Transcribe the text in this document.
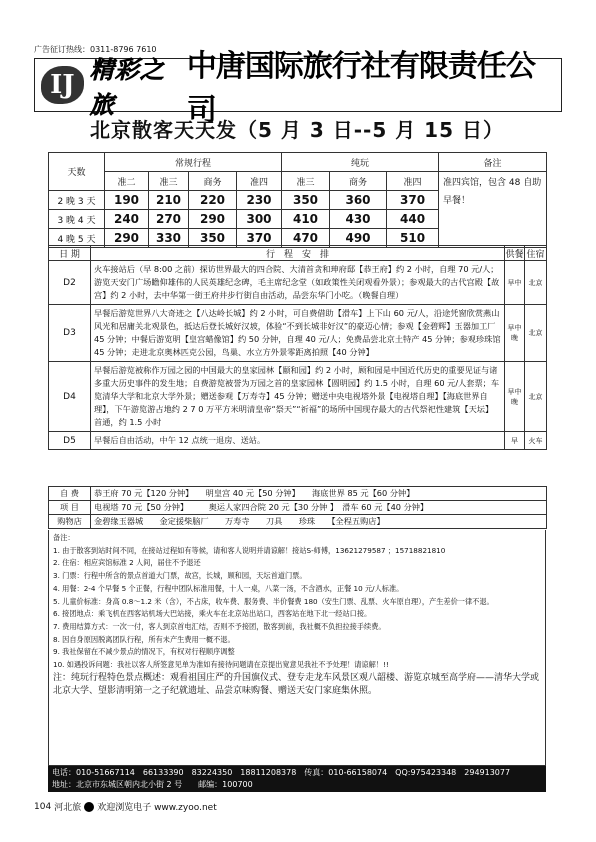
广告征订热线：0311-8796 7610
IJ 精彩之旅
中唐国际旅行社有限责任公司
北京散客天天发（5 月 3 日--5 月 15 日）
天数	常规行程				纯玩			备注
	准二	准三	商务	准四	准三	商务	准四	准四宾馆，包含 48 自助早餐！
2 晚 3 天	190	210	220	230	350	360	370	
3 晚 4 天	240	270	290	300	410	430	440	
4 晚 5 天	290	330	350	370	470	490	510	
日 期	行　程　安　排	供餐	住宿
D2	火车接站后（早 8:00 之前）探访世界最大的四合院、大清首贪和珅府邸【恭王府】约 2 小时，自理 70 元/人；游览天安门广场瞻仰雄伟的人民英雄纪念碑，毛主席纪念堂（如政策性关闭观看外景）；参观最大的古代宫殿【故宫】约 2 小时，去中华第一街王府井步行街自由活动，品尝东华门小吃。（晚餐自理）	早中	北京
D3	早餐后游览世界八大奇迹之【八达岭长城】约 2 小时，可自费借助【滑车】上下山 60 元/人，沿途凭窗欣赏燕山风光和居庸关北观景色，抵达后登长城好汉坡，体验“不到长城非好汉”的豪迈心情；参观【金碧辉】玉器加工厂 45 分钟；中餐后游览明【皇宫蜡像馆】约 50 分钟，自理 40 元/人；免费品尝北京土特产 45 分钟；参观珍珠馆 45 分钟；走进北京奥林匹克公园，鸟巢、水立方外景零距离拍照【40 分钟】	早中晚	北京
D4	早餐后游览被称作万园之园的中国最大的皇家园林【颐和园】约 2 小时，顾和园是中国近代历史的重要见证与诸多重大历史事件的发生地；自费游览被誉为万园之首的皇家园林【圆明园】约 1.5 小时，自理 60 元/人套票；车览清华大学和北京大学外景；赠送参观【万寿寺】45 分钟；赠送中央电视塔外景【电视塔自理】【海底世界自理】，下午游览游占地约 2 7 0 万平方米明清皇帝“祭天”“祈福”的场所中国现存最大的古代祭祀性建筑【天坛】首通，约 1.5 小时	早中晚	北京
D5	早餐后自由活动，中午 12 点统一退房、送站。	早	火车
自 费	恭王府 70 元【120 分钟】　　明皇宫 40 元【50 分钟】　　海底世界 85 元【60 分钟】
项 目	电视塔 70 元【50 分钟】　　　奥运人家四合院 20 元【30 分钟 】　滑车 60 元【40 分钟】
购物店	金碧缘玉器城　　金定援柴脑厂　　万寿寺　　刀具　　珍珠　　【全程五购店】
备注：
1. 由于散客到站时间不同，在接站过程如有等候，请和客人说明并请谅解！接站S-师傅，13621279587 ；15718821810
2. 住宿：相应宾馆标准 2 人间，届住不予退还
3. 门票：行程中所含的景点首道大门票，故宫，长城，顾和园，天坛首道门票。
4. 用餐：2-4 个早餐 5 个正餐，行程中团队标准用餐，十人一桌，八菜一汤，不含酒水，正餐 10 元/人标准。
5. 儿童价标准：身高 0.8～1.2 米（含），不占床，收车费、服务费、半价餐费 180（安生门票、乱票、火车原自理），产生差价一律不退。
6. 接团地点：乘飞机在西客站机场大巴站接，乘火车在北京站出站口，西客站在地下北一经站口接。
7. 费用结算方式：一次一付，客人到京首电汇结，否则不予接团，散客到前，我社概不负担拉接手续费。
8. 因自身原因脱离团队行程，所有未产生费用一概不退。
9. 我社保留在不减少景点的情况下，有权对行程顺序调整
10. 如遇投诉问题：我社以客人所签意见单为准如有接待问题请在京提出宽意见我社不予处理！请谅解！!!
注：纯玩行程特色景点概述：观看祖国庄严的升国旗仪式、登专走龙车风景区观八韶楼、游览京城至高学府——清华大学或北京大学、望影清明第一之子纪就遗址、品尝京味购餐、赠送天安门家庭集休照。
电话：010-51667114　66133390　83224350　18811208378　传真：010-66158074　QQ:975423348　294913077
地址：北京市东城区朝内北小街 2 号　　邮编：100700
104 河北旅 欢迎浏览电子 www.zyoo.net
